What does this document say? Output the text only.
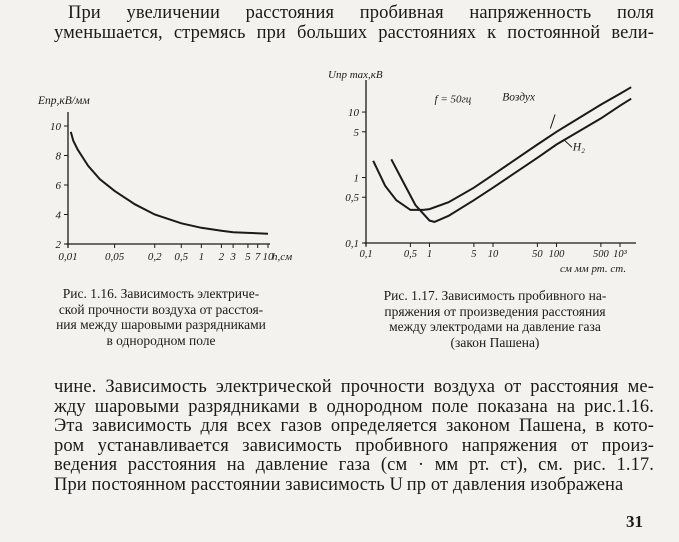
При увеличении расстояния пробивная напряженность поля
уменьшается, стремясь при больших расстояниях к постоянной вели-
2
4
6
8
10
0,01 0,05 0,2 0,5 1 2 3 5 7 10
h,см
Eпр,кВ/мм
0,1
0,5
1
5
10
0,1	0,5 1	5 10	50 100	500 10³
см мм рт. ст.
Uпр max,кВ
f = 50гц	Воздух
H₂
Рис. 1.16. Зависимость электриче-
ской прочности воздуха от расстоя-
ния между шаровыми разрядниками
в однородном поле
Рис. 1.17. Зависимость пробивного на-
пряжения от произведения расстояния
между электродами на давление газа
(закон Пашена)
чине. Зависимость электрической прочности воздуха от расстояния ме-
жду шаровыми разрядниками в однородном поле показана на рис.1.16.
Эта зависимость для всех газов определяется законом Пашена, в кото-
ром устанавливается зависимость пробивного напряжения от произ-
ведения расстояния на давление газа (см · мм рт. ст), см. рис. 1.17.
При постоянном расстоянии зависимость U пр от давления изображена
31
